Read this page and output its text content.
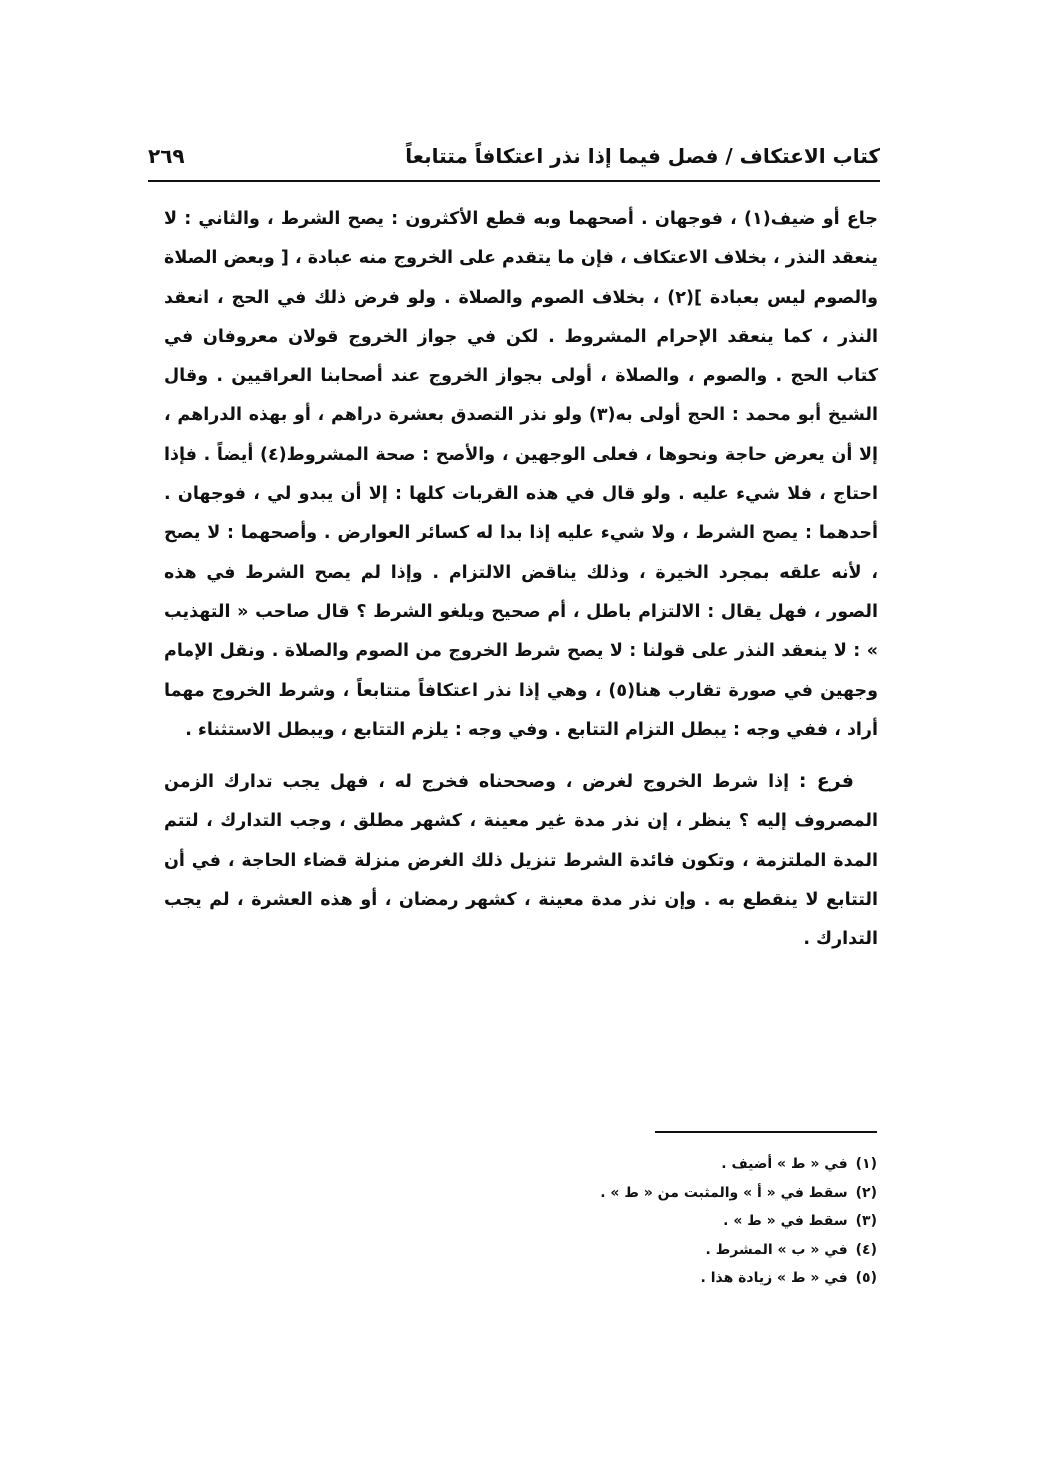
كتاب الاعتكاف / فصل فيما إذا نذر اعتكافاً متتابعاً
٢٦٩

جاع أو ضيف(١) ، فوجهان . أصحهما وبه قطع الأكثرون : يصح الشرط ، والثاني : لا ينعقد النذر ، بخلاف الاعتكاف ، فإن ما يتقدم على الخروج منه عبادة ، [ وبعض الصلاة والصوم ليس بعبادة ](٢) ، بخلاف الصوم والصلاة . ولو فرض ذلك في الحج ، انعقد النذر ، كما ينعقد الإحرام المشروط . لكن في جواز الخروج قولان معروفان في كتاب الحج . والصوم ، والصلاة ، أولى بجواز الخروج عند أصحابنا العراقيين . وقال الشيخ أبو محمد : الحج أولى به(٣) ولو نذر التصدق بعشرة دراهم ، أو بهذه الدراهم ، إلا أن يعرض حاجة ونحوها ، فعلى الوجهين ، والأصح : صحة المشروط(٤) أيضاً . فإذا احتاج ، فلا شيء عليه . ولو قال في هذه القربات كلها : إلا أن يبدو لي ، فوجهان . أحدهما : يصح الشرط ، ولا شيء عليه إذا بدا له كسائر العوارض . وأصحهما : لا يصح ، لأنه علقه بمجرد الخيرة ، وذلك يناقض الالتزام . وإذا لم يصح الشرط في هذه الصور ، فهل يقال : الالتزام باطل ، أم صحيح ويلغو الشرط ؟ قال صاحب « التهذيب » : لا ينعقد النذر على قولنا : لا يصح شرط الخروج من الصوم والصلاة . ونقل الإمام وجهين في صورة تقارب هنا(٥) ، وهي إذا نذر اعتكافاً متتابعاً ، وشرط الخروج مهما أراد ، ففي وجه : يبطل التزام التتابع . وفي وجه : يلزم التتابع ، ويبطل الاستثناء .

فرع : إذا شرط الخروج لغرض ، وصححناه فخرج له ، فهل يجب تدارك الزمن المصروف إليه ؟ ينظر ، إن نذر مدة غير معينة ، كشهر مطلق ، وجب التدارك ، لتتم المدة الملتزمة ، وتكون فائدة الشرط تنزيل ذلك الغرض منزلة قضاء الحاجة ، في أن التتابع لا ينقطع به . وإن نذر مدة معينة ، كشهر رمضان ، أو هذه العشرة ، لم يجب التدارك .

(١)في « ط » أضيف .
(٢)سقط في « أ » والمثبت من « ط » .
(٣)سقط في « ط » .
(٤)في « ب » المشرط .
(٥)في « ط » زيادة هذا .
